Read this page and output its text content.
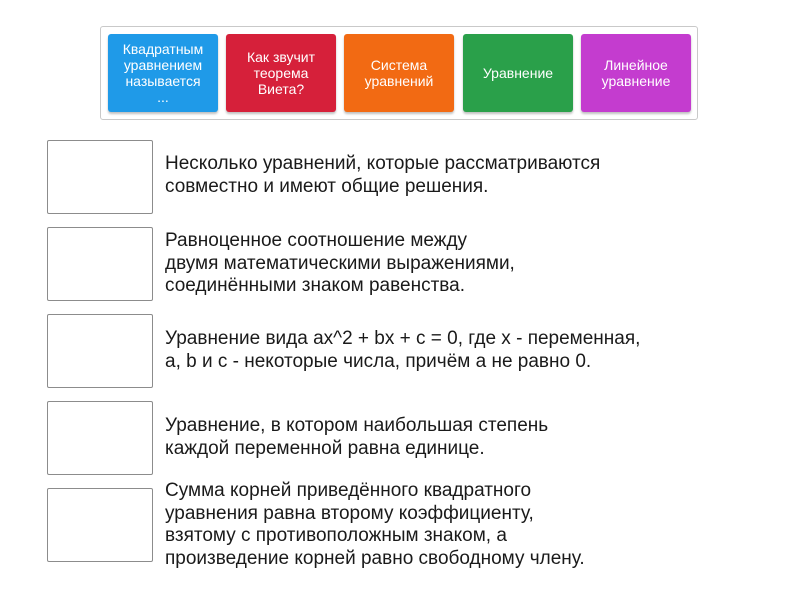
Квадратным
уравнением
называется
...
Как звучит
теорема
Виета?
Система
уравнений	Уравнение	Линейное
уравнение
Несколько уравнений, которые рассматриваются
совместно и имеют общие решения.
Равноценное соотношение между
двумя математическими выражениями,
соединёнными знаком равенства.
Уравнение вида ax^2 + bx + c = 0, где x - переменная,
a, b и c - некоторые числа, причём a не равно 0.
Уравнение, в котором наибольшая степень
каждой переменной равна единице.
Сумма корней приведённого квадратного
уравнения равна второму коэффициенту,
взятому с противоположным знаком, а
произведение корней равно свободному члену.
